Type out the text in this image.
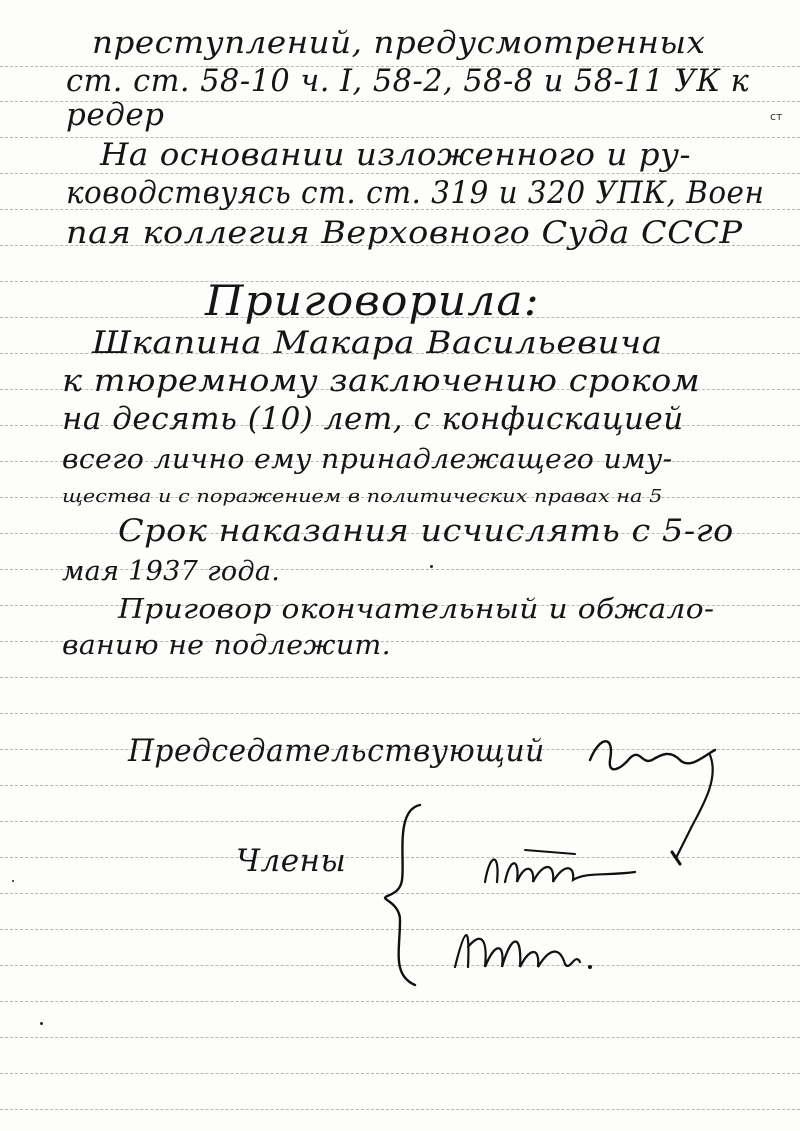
ст
преступлений, предусмотренных
ст. ст. 58-10 ч. I, 58-2, 58-8 и 58-11 УК к
редер
На основании изложенного и ру-
ководствуясь ст. ст. 319 и 320 УПК, Воен
пая коллегия Верховного Суда СССР
Приговорила:
Шкапина Макара Васильевича
к тюремному заключению сроком
на десять (10) лет, с конфискацией
всего лично ему принадлежащего иму-
щества и с поражением в политических правах на 5
Срок наказания исчислять с 5-го
мая 1937 года.
Приговор окончательный и обжало-
ванию не подлежит.
Председательствующий
Члены
